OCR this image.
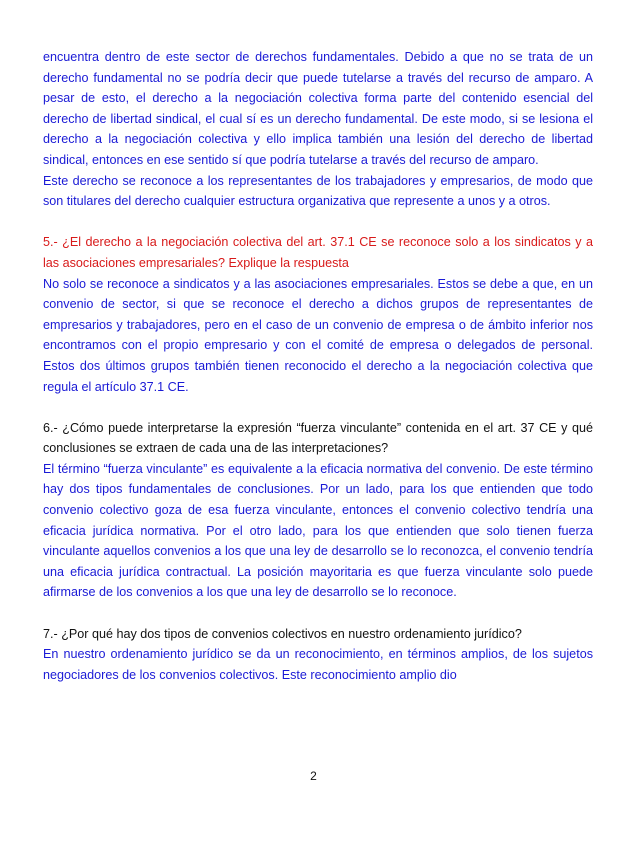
encuentra dentro de este sector de derechos fundamentales. Debido a que no se trata de un derecho fundamental no se podría decir que puede tutelarse a través del recurso de amparo. A pesar de esto, el derecho a la negociación colectiva forma parte del contenido esencial del derecho de libertad sindical, el cual sí es un derecho fundamental. De este modo, si se lesiona el derecho a la negociación colectiva y ello implica también una lesión del derecho de libertad sindical, entonces en ese sentido sí que podría tutelarse a través del recurso de amparo.

Este derecho se reconoce a los representantes de los trabajadores y empresarios, de modo que son titulares del derecho cualquier estructura organizativa que represente a unos y a otros.

5.- ¿El derecho a la negociación colectiva del art. 37.1 CE se reconoce solo a los sindicatos y a las asociaciones empresariales? Explique la respuesta

No solo se reconoce a sindicatos y a las asociaciones empresariales. Estos se debe a que, en un convenio de sector, si que se reconoce el derecho a dichos grupos de representantes de empresarios y trabajadores, pero en el caso de un convenio de empresa o de ámbito inferior nos encontramos con el propio empresario y con el comité de empresa o delegados de personal. Estos dos últimos grupos también tienen reconocido el derecho a la negociación colectiva que regula el artículo 37.1 CE.

6.- ¿Cómo puede interpretarse la expresión “fuerza vinculante” contenida en el art. 37 CE y qué conclusiones se extraen de cada una de las interpretaciones?

El término “fuerza vinculante” es equivalente a la eficacia normativa del convenio. De este término hay dos tipos fundamentales de conclusiones. Por un lado, para los que entienden que todo convenio colectivo goza de esa fuerza vinculante, entonces el convenio colectivo tendría una eficacia jurídica normativa. Por el otro lado, para los que entienden que solo tienen fuerza vinculante aquellos convenios a los que una ley de desarrollo se lo reconozca, el convenio tendría una eficacia jurídica contractual. La posición mayoritaria es que fuerza vinculante solo puede afirmarse de los convenios a los que una ley de desarrollo se lo reconoce.

7.- ¿Por qué hay dos tipos de convenios colectivos en nuestro ordenamiento jurídico?

En nuestro ordenamiento jurídico se da un reconocimiento, en términos amplios, de los sujetos negociadores de los convenios colectivos. Este reconocimiento amplio dio

2
